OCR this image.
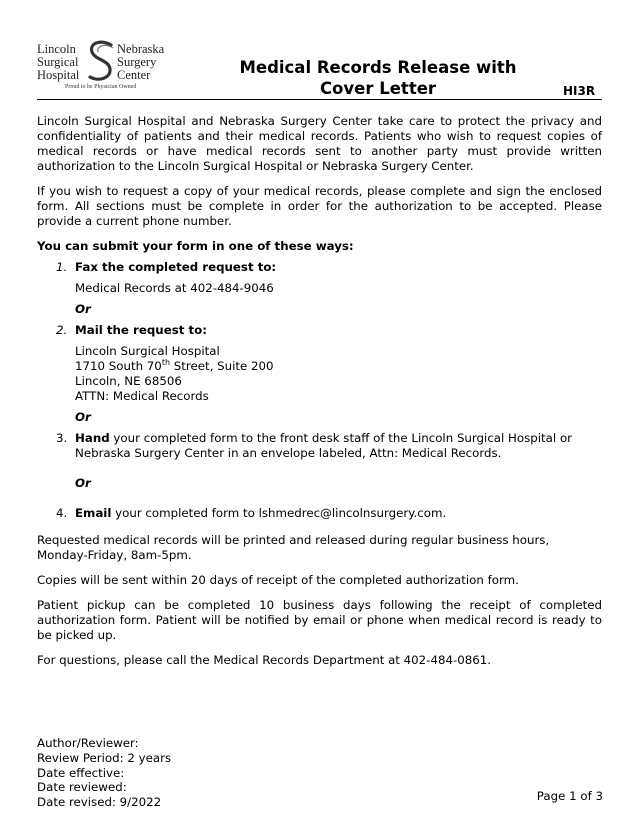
Lincoln
Surgical
Hospital
Nebraska
Surgery
Center
Proud to be Physician Owned
Medical Records Release with
Cover Letter	HI3R

Lincoln Surgical Hospital and Nebraska Surgery Center take care to protect the privacy and confidentiality of patients and their medical records. Patients who wish to request copies of medical records or have medical records sent to another party must provide written authorization to the Lincoln Surgical Hospital or Nebraska Surgery Center.

If you wish to request a copy of your medical records, please complete and sign the enclosed form. All sections must be complete in order for the authorization to be accepted. Please provide a current phone number.

You can submit your form in one of these ways:

1. Fax the completed request to:
Medical Records at 402-484-9046
Or
2. Mail the request to:
Lincoln Surgical Hospital
1710 South 70th Street, Suite 200
Lincoln, NE 68506
ATTN: Medical Records
Or
3. Hand your completed form to the front desk staff of the Lincoln Surgical Hospital or Nebraska Surgery Center in an envelope labeled, Attn: Medical Records.
Or
4. Email your completed form to lshmedrec@lincolnsurgery.com.

Requested medical records will be printed and released during regular business hours, Monday-Friday, 8am-5pm.

Copies will be sent within 20 days of receipt of the completed authorization form.

Patient pickup can be completed 10 business days following the receipt of completed authorization form. Patient will be notified by email or phone when medical record is ready to be picked up.

For questions, please call the Medical Records Department at 402-484-0861.

Author/Reviewer:
Review Period: 2 years
Date effective:
Date reviewed:
Date revised: 9/2022	Page 1 of 3
